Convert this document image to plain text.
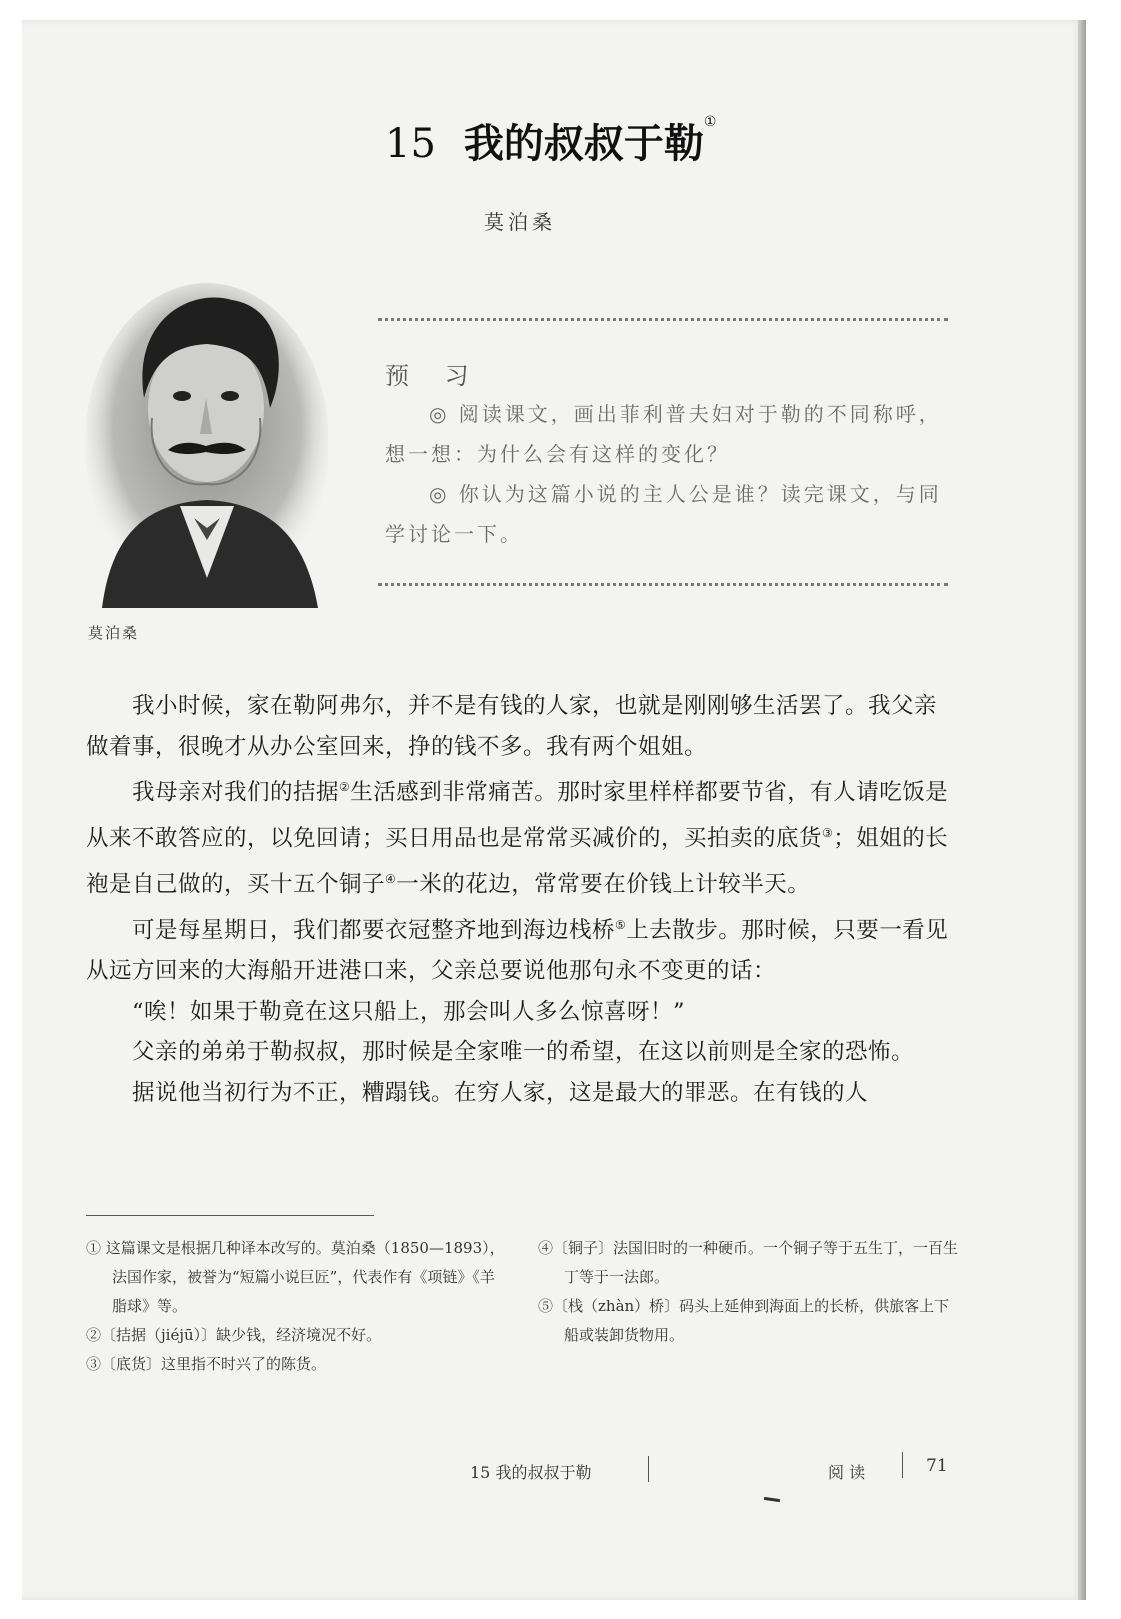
15 我的叔叔于勒①
莫泊桑
莫泊桑
预 习
◎ 阅读课文，画出菲利普夫妇对于勒的不同称呼，想一想：为什么会有这样的变化？
◎ 你认为这篇小说的主人公是谁？读完课文，与同学讨论一下。

我小时候，家在勒阿弗尔，并不是有钱的人家，也就是刚刚够生活罢了。我父亲做着事，很晚才从办公室回来，挣的钱不多。我有两个姐姐。

我母亲对我们的拮据②生活感到非常痛苦。那时家里样样都要节省，有人请吃饭是从来不敢答应的，以免回请；买日用品也是常常买减价的，买拍卖的底货③；姐姐的长袍是自己做的，买十五个铜子④一米的花边，常常要在价钱上计较半天。

可是每星期日，我们都要衣冠整齐地到海边栈桥⑤上去散步。那时候，只要一看见从远方回来的大海船开进港口来，父亲总要说他那句永不变更的话：

“唉！如果于勒竟在这只船上，那会叫人多么惊喜呀！”

父亲的弟弟于勒叔叔，那时候是全家唯一的希望，在这以前则是全家的恐怖。

据说他当初行为不正，糟蹋钱。在穷人家，这是最大的罪恶。在有钱的人

① 这篇课文是根据几种译本改写的。莫泊桑（1850—1893），法国作家，被誉为“短篇小说巨匠”，代表作有《项链》《羊脂球》等。
②〔拮据（jiéjū）〕缺少钱，经济境况不好。
③〔底货〕这里指不时兴了的陈货。
④〔铜子〕法国旧时的一种硬币。一个铜子等于五生丁，一百生丁等于一法郎。
⑤〔栈（zhàn）桥〕码头上延伸到海面上的长桥，供旅客上下船或装卸货物用。
15 我的叔叔于勒	阅 读	71
